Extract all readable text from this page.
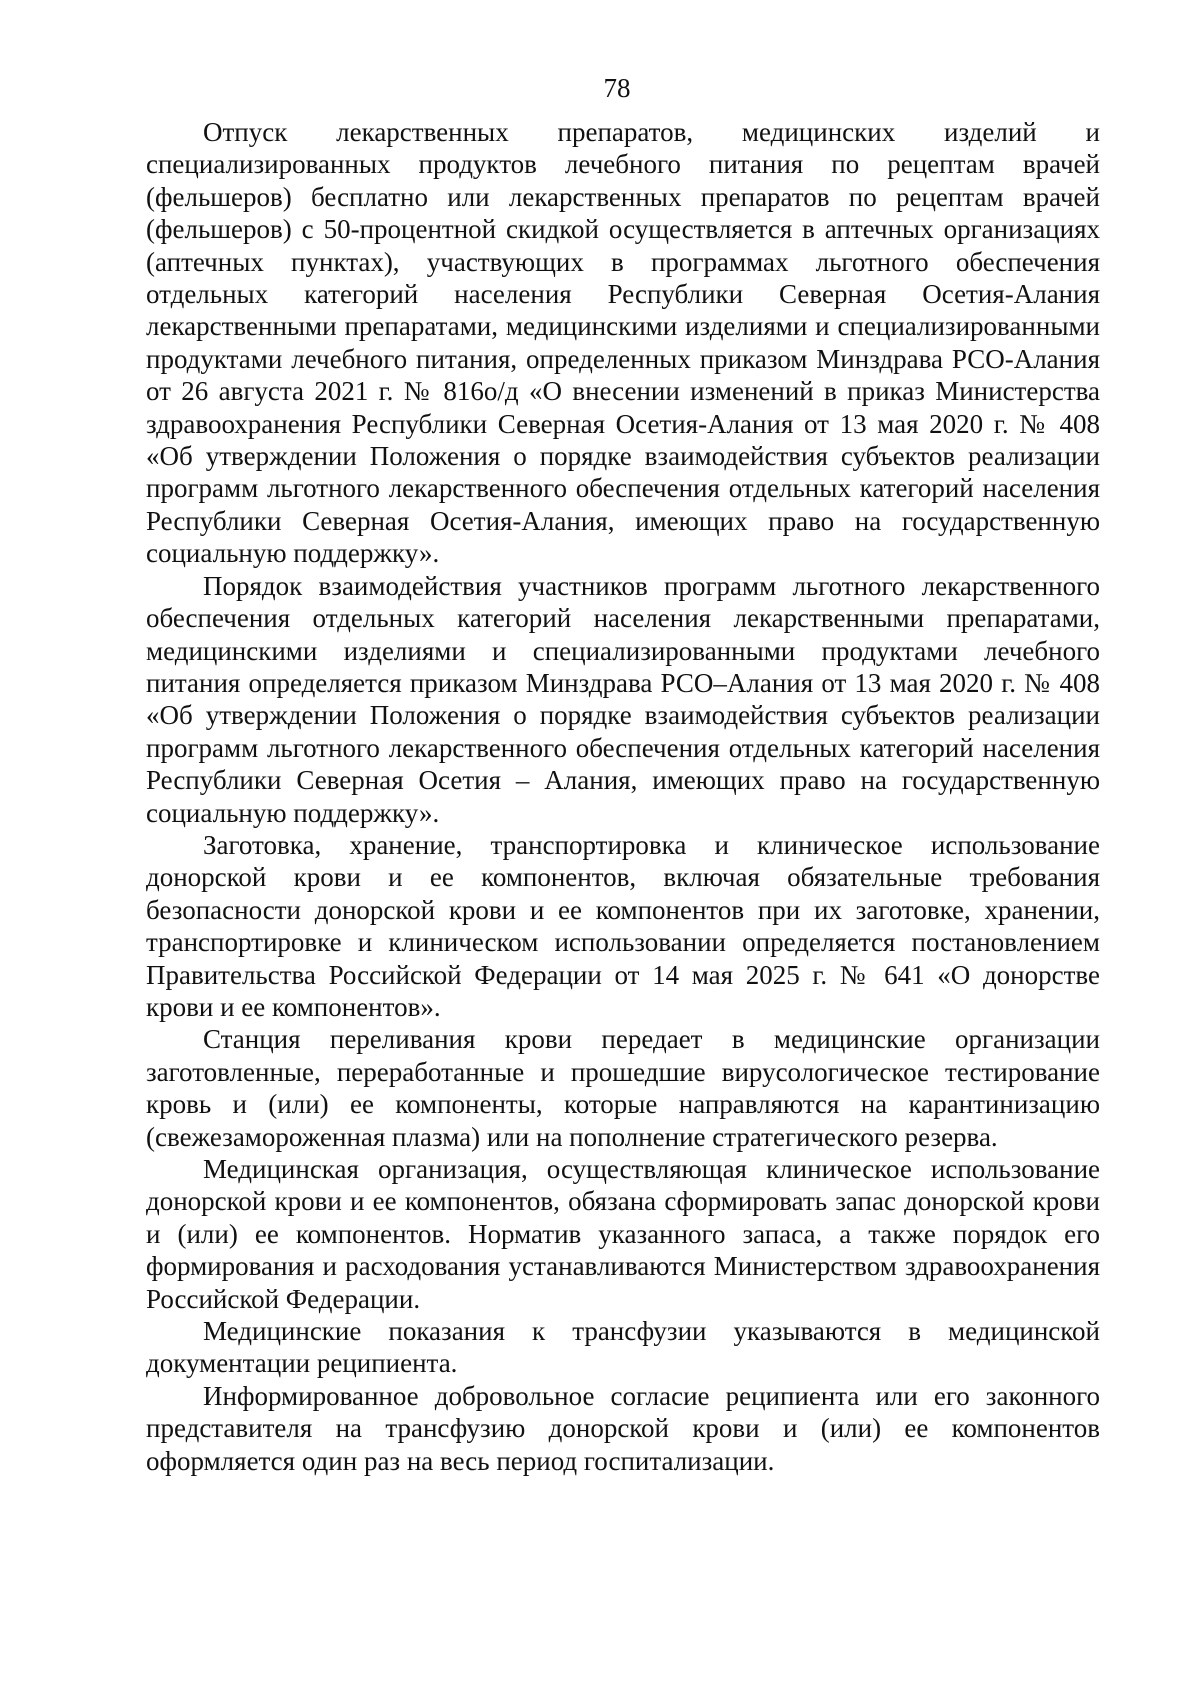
78

Отпуск лекарственных препаратов, медицинских изделий и специализированных продуктов лечебного питания по рецептам врачей (фельшеров) бесплатно или лекарственных препаратов по рецептам врачей (фельшеров) с 50-процентной скидкой осуществляется в аптечных организациях (аптечных пунктах), участвующих в программах льготного обеспечения отдельных категорий населения Республики Северная Осетия-Алания лекарственными препаратами, медицинскими изделиями и специализированными продуктами лечебного питания, определенных приказом Минздрава РСО-Алания от 26 августа 2021 г. № 816о/д «О внесении изменений в приказ Министерства здравоохранения Республики Северная Осетия-Алания от 13 мая 2020 г. № 408 «Об утверждении Положения о порядке взаимодействия субъектов реализации программ льготного лекарственного обеспечения отдельных категорий населения Республики Северная Осетия-Алания, имеющих право на государственную социальную поддержку».

Порядок взаимодействия участников программ льготного лекарственного обеспечения отдельных категорий населения лекарственными препаратами, медицинскими изделиями и специализированными продуктами лечебного питания определяется приказом Минздрава РСО–Алания от 13 мая 2020 г. № 408 «Об утверждении Положения о порядке взаимодействия субъектов реализации программ льготного лекарственного обеспечения отдельных категорий населения Республики Северная Осетия – Алания, имеющих право на государственную социальную поддержку».

Заготовка, хранение, транспортировка и клиническое использование донорской крови и ее компонентов, включая обязательные требования безопасности донорской крови и ее компонентов при их заготовке, хранении, транспортировке и клиническом использовании определяется постановлением Правительства Российской Федерации от 14 мая 2025 г. № 641 «О донорстве крови и ее компонентов».

Станция переливания крови передает в медицинские организации заготовленные, переработанные и прошедшие вирусологическое тестирование кровь и (или) ее компоненты, которые направляются на карантинизацию (свежезамороженная плазма) или на пополнение стратегического резерва.

Медицинская организация, осуществляющая клиническое использование донорской крови и ее компонентов, обязана сформировать запас донорской крови и (или) ее компонентов. Норматив указанного запаса, а также порядок его формирования и расходования устанавливаются Министерством здравоохранения Российской Федерации.

Медицинские показания к трансфузии указываются в медицинской документации реципиента.

Информированное добровольное согласие реципиента или его законного представителя на трансфузию донорской крови и (или) ее компонентов оформляется один раз на весь период госпитализации.
